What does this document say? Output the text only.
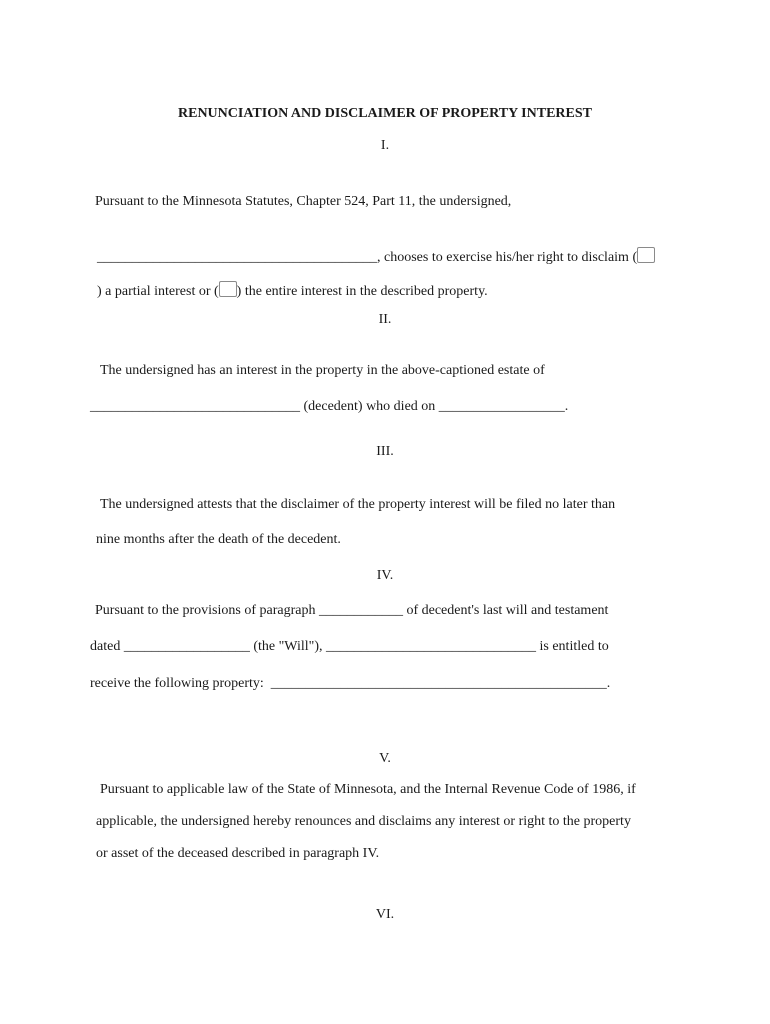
RENUNCIATION AND DISCLAIMER OF PROPERTY INTEREST
I.
Pursuant to the Minnesota Statutes, Chapter 524, Part 11, the undersigned,

________________________________________, chooses to exercise his/her right to disclaim (

) a partial interest or ( ) the entire interest in the described property.

II.
The undersigned has an interest in the property in the above-captioned estate of
______________________________ (decedent) who died on __________________.
III.
The undersigned attests that the disclaimer of the property interest will be filed no later than
nine months after the death of the decedent.
IV.
Pursuant to the provisions of paragraph ____________ of decedent's last will and testament
dated __________________ (the "Will"), ______________________________ is entitled to
receive the following property:  ________________________________________________.
V.
Pursuant to applicable law of the State of Minnesota, and the Internal Revenue Code of 1986, if
applicable, the undersigned hereby renounces and disclaims any interest or right to the property
or asset of the deceased described in paragraph IV.
VI.
